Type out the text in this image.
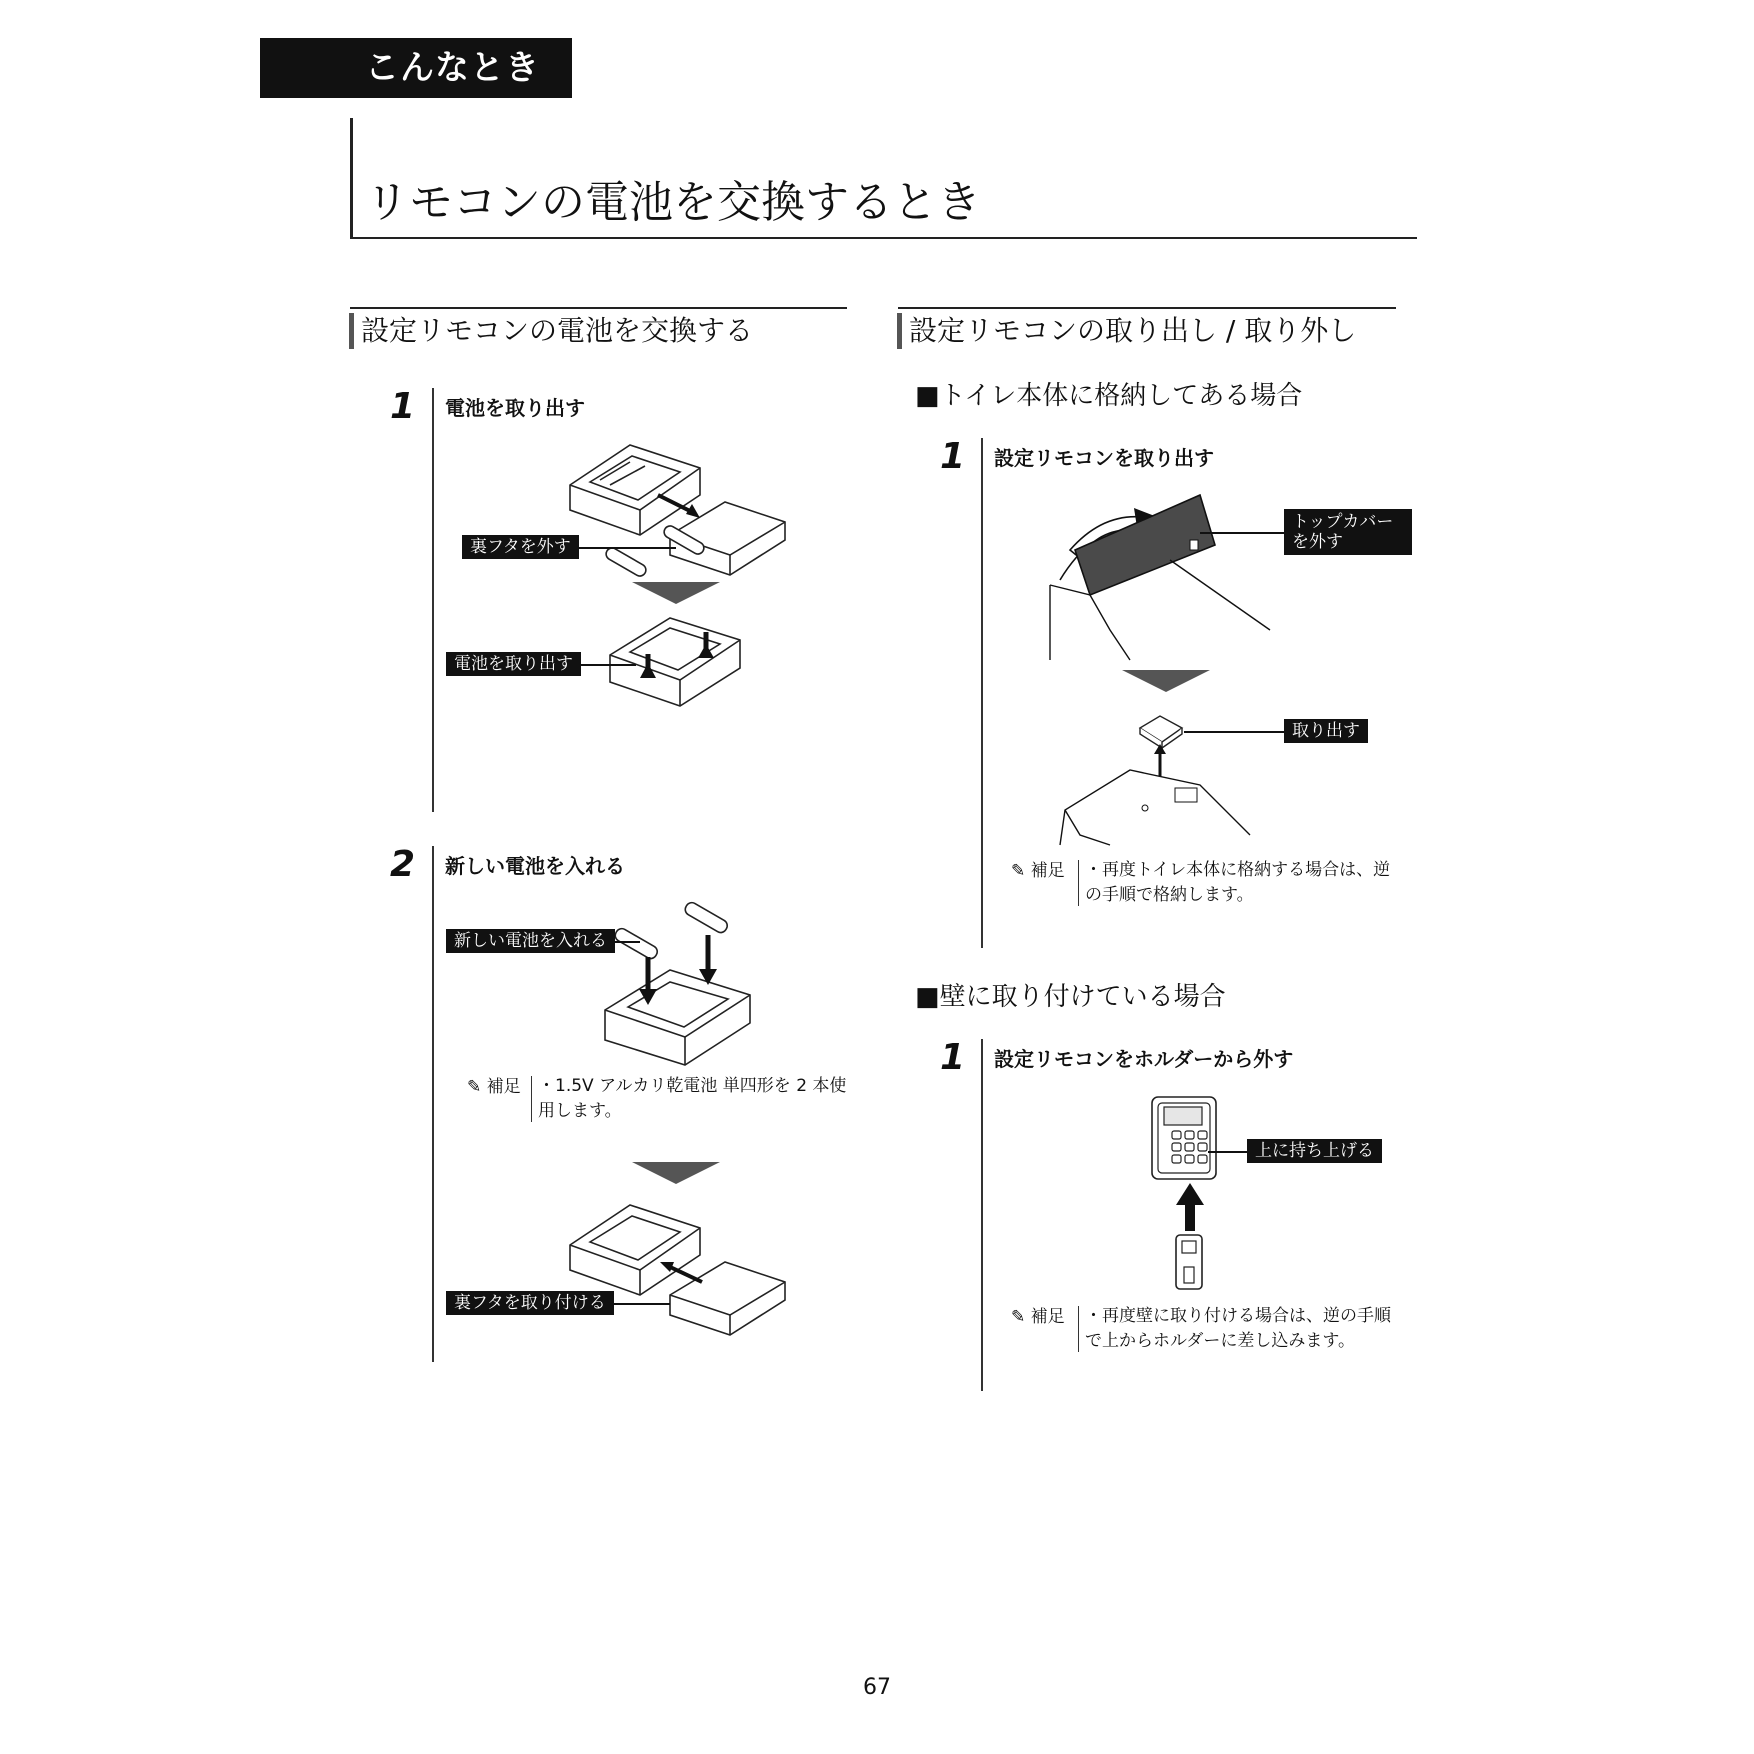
こんなときは
リモコンの電池を交換するとき
設定リモコンの電池を交換する
1 電池を取り出す
裏フタを外す
電池を取り出す
2 新しい電池を入れる
新しい電池を入れる
✎ 補足 ・1.5V アルカリ乾電池 単四形を 2 本使用します。
裏フタを取り付ける
設定リモコンの取り出し / 取り外し
■トイレ本体に格納してある場合
1 設定リモコンを取り出す
トップカバーを外す
取り出す
✎ 補足 ・再度トイレ本体に格納する場合は、逆の手順で格納します。
■壁に取り付けている場合
1 設定リモコンをホルダーから外す
上に持ち上げる
✎ 補足 ・再度壁に取り付ける場合は、逆の手順で上からホルダーに差し込みます。
67
